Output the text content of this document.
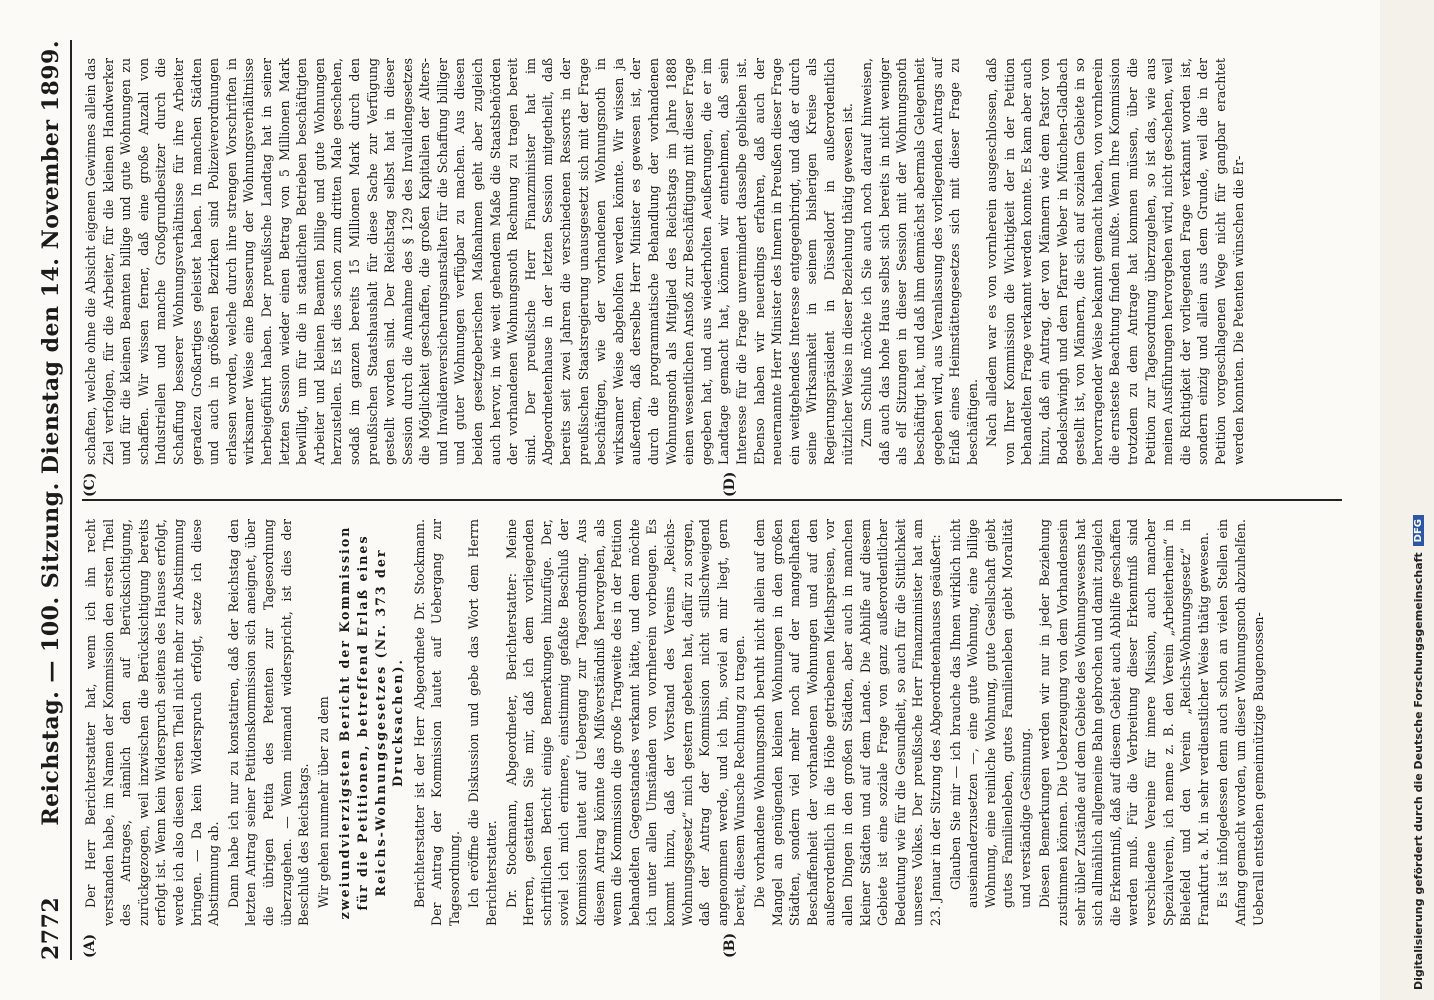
2772
Reichstag. — 100. Sitzung. Dienstag den 14. November 1899.
(A)	(B)

Der Herr Berichterstatter hat, wenn ich ihn recht verstanden habe, im Namen der Kommission den ersten Theil des Antrages, nämlich den auf Berücksichtigung, zurückgezogen, weil inzwischen die Berücksichtigung bereits erfolgt ist. Wenn kein Widerspruch seitens des Hauses erfolgt, werde ich also diesen ersten Theil nicht mehr zur Abstimmung bringen. — Da kein Widerspruch erfolgt, setze ich diese Abstimmung ab. Dann habe ich nur zu konstatiren, daß der Reichstag den letzten Antrag seiner Petitionskommission sich aneignet, über die übrigen Petita des Petenten zur Tagesordnung überzugehen. — Wenn niemand widerspricht, ist dies der Beschluß des Reichstags. Wir gehen nunmehr über zu dem zweiundvierzigsten Bericht der Kommission für die Petitionen, betreffend Erlaß eines Reichs-Wohnungsgesetzes (Nr. 373 der Drucksachen). Berichterstatter ist der Herr Abgeordnete Dr. Stockmann. Der Antrag der Kommission lautet auf Uebergang zur Tagesordnung. Ich eröffne die Diskussion und gebe das Wort dem Herrn Berichterstatter. Dr. Stockmann, Abgeordneter, Berichterstatter: Meine Herren, gestatten Sie mir, daß ich dem vorliegenden schriftlichen Bericht einige Bemerkungen hinzufüge. Der, soviel ich mich erinnere, einstimmig gefaßte Beschluß der Kommission lautet auf Uebergang zur Tagesordnung. Aus diesem Antrag könnte das Mißverständniß hervorgehen, als wenn die Kommission die große Tragweite des in der Petition behandelten Gegenstandes verkannt hätte, und dem möchte ich unter allen Umständen von vornherein vorbeugen. Es kommt hinzu, daß der Vorstand des Vereins „Reichs-Wohnungsgesetz“ mich gestern gebeten hat, dafür zu sorgen, daß der Antrag der Kommission nicht stillschweigend angenommen werde, und ich bin, soviel an mir liegt, gern bereit, diesem Wunsche Rechnung zu tragen. Die vorhandene Wohnungsnoth beruht nicht allein auf dem Mangel an genügenden kleinen Wohnungen in den großen Städten, sondern viel mehr noch auf der mangelhaften Beschaffenheit der vorhandenen Wohnungen und auf den außerordentlich in die Höhe getriebenen Miethspreisen, vor allen Dingen in den großen Städten, aber auch in manchen kleiner Städten und auf dem Lande. Die Abhilfe auf diesem Gebiete ist eine soziale Frage von ganz außerordentlicher Bedeutung wie für die Gesundheit, so auch für die Sittlichkeit unseres Volkes. Der preußische Herr Finanzminister hat am 23. Januar in der Sitzung des Abgeordnetenhauses geäußert: Glauben Sie mir — ich brauche das Ihnen wirklich nicht auseinanderzusetzen —, eine gute Wohnung, eine billige Wohnung, eine reinliche Wohnung, gute Gesellschaft giebt gutes Familienleben, gutes Familienleben giebt Moralität und verständige Gesinnung. Diesen Bemerkungen werden wir nur in jeder Beziehung zustimmen können. Die Ueberzeugung von dem Vorhandensein sehr übler Zustände auf dem Gebiete des Wohnungswesens hat sich allmählich allgemeine Bahn gebrochen und damit zugleich die Erkenntniß, daß auf diesem Gebiet auch Abhilfe geschaffen werden muß. Für die Verbreitung dieser Erkenntniß sind verschiedene Vereine für innere Mission, auch mancher Spezialverein, ich nenne z. B. den Verein „Arbeiterheim“ in Bielefeld und den Verein „Reichs-Wohnungsgesetz“ in Frankfurt a. M. in sehr verdienstlicher Weise thätig gewesen. Es ist infolgedessen denn auch schon an vielen Stellen ein Anfang gemacht worden, um dieser Wohnungsnoth abzuhelfen. Ueberall entstehen gemeinnützige Baugenossen-

(C)	(D)

schaften, welche ohne die Absicht eigenen Gewinnes allein das Ziel verfolgen, für die Arbeiter, für die kleinen Handwerker und für die kleinen Beamten billige und gute Wohnungen zu schaffen. Wir wissen ferner, daß eine große Anzahl von Industriellen und manche Großgrundbesitzer durch die Schaffung besserer Wohnungsverhältnisse für ihre Arbeiter geradezu Großartiges geleistet haben. In manchen Städten und auch in größeren Bezirken sind Polizeiverordnungen erlassen worden, welche durch ihre strengen Vorschriften in wirksamer Weise eine Besserung der Wohnungsverhältnisse herbeigeführt haben. Der preußische Landtag hat in seiner letzten Session wieder einen Betrag von 5 Millionen Mark bewilligt, um für die in staatlichen Betrieben beschäftigten Arbeiter und kleinen Beamten billige und gute Wohnungen herzustellen. Es ist dies schon zum dritten Male geschehen, sodaß im ganzen bereits 15 Millionen Mark durch den preußischen Staatshaushalt für diese Sache zur Verfügung gestellt worden sind. Der Reichstag selbst hat in dieser Session durch die Annahme des § 129 des Invalidengesetzes die Möglichkeit geschaffen, die großen Kapitalien der Alters- und Invalidenversicherungsanstalten für die Schaffung billiger und guter Wohnungen verfügbar zu machen. Aus diesen beiden gesetzgeberischen Maßnahmen geht aber zugleich auch hervor, in wie weit gehendem Maße die Staatsbehörden der vorhandenen Wohnungsnoth Rechnung zu tragen bereit sind. Der preußische Herr Finanzminister hat im Abgeordnetenhause in der letzten Session mitgetheilt, daß bereits seit zwei Jahren die verschiedenen Ressorts in der preußischen Staatsregierung unausgesetzt sich mit der Frage beschäftigen, wie der vorhandenen Wohnungsnoth in wirksamer Weise abgeholfen werden könnte. Wir wissen ja außerdem, daß derselbe Herr Minister es gewesen ist, der durch die programmatische Behandlung der vorhandenen Wohnungsnoth als Mitglied des Reichstags im Jahre 1888 einen wesentlichen Anstoß zur Beschäftigung mit dieser Frage gegeben hat, und aus wiederholten Aeußerungen, die er im Landtage gemacht hat, können wir entnehmen, daß sein Interesse für die Frage unvermindert dasselbe geblieben ist. Ebenso haben wir neuerdings erfahren, daß auch der neuernannte Herr Minister des Innern in Preußen dieser Frage ein weitgehendes Interesse entgegenbringt, und daß er durch seine Wirksamkeit in seinem bisherigen Kreise als Regierungspräsident in Düsseldorf in außerordentlich nützlicher Weise in dieser Beziehung thätig gewesen ist. Zum Schluß möchte ich Sie auch noch darauf hinweisen, daß auch das hohe Haus selbst sich bereits in nicht weniger als elf Sitzungen in dieser Session mit der Wohnungsnoth beschäftigt hat, und daß ihm demnächst abermals Gelegenheit gegeben wird, aus Veranlassung des vorliegenden Antrags auf Erlaß eines Heimstättengesetzes sich mit dieser Frage zu beschäftigen. Nach alledem war es von vornherein ausgeschlossen, daß von Ihrer Kommission die Wichtigkeit der in der Petition behandelten Frage verkannt werden konnte. Es kam aber auch hinzu, daß ein Antrag, der von Männern wie dem Pastor von Bodelschwingh und dem Pfarrer Weber in München-Gladbach gestellt ist, von Männern, die sich auf sozialem Gebiete in so hervorragender Weise bekannt gemacht haben, von vornherein die ernsteste Beachtung finden mußte. Wenn Ihre Kommission trotzdem zu dem Antrage hat kommen müssen, über die Petition zur Tagesordnung überzugehen, so ist das, wie aus meinen Ausführungen hervorgehen wird, nicht geschehen, weil die Richtigkeit der vorliegenden Frage verkannt worden ist, sondern einzig und allein aus dem Grunde, weil die in der Petition vorgeschlagenen Wege nicht für gangbar erachtet werden konnten. Die Petenten wünschen die Er-

Digitalisierung gefördert durch die Deutsche Forschungsgemeinschaft
DFG
